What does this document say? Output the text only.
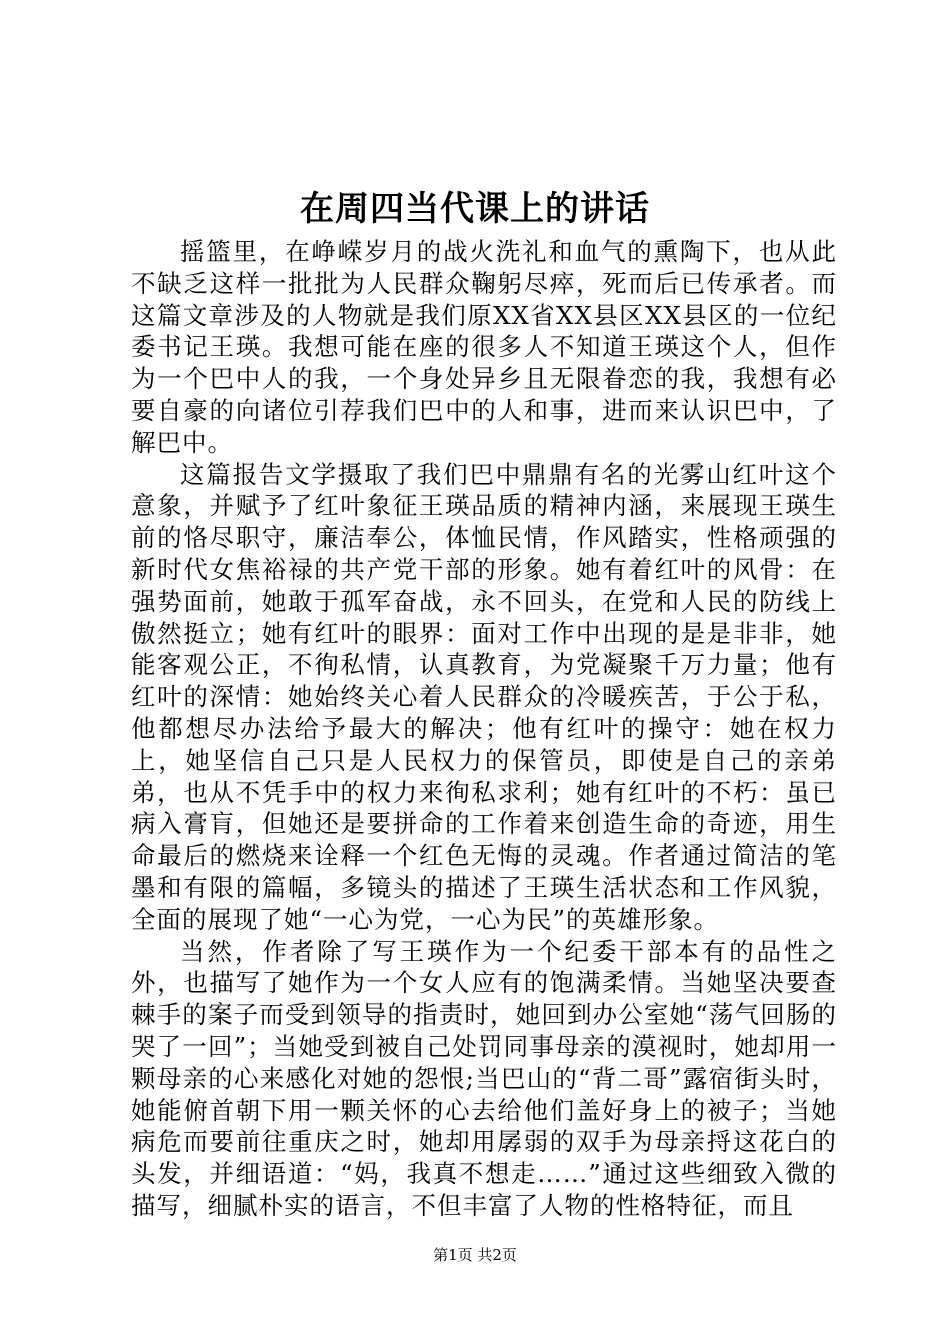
在周四当代课上的讲话

摇篮里，在峥嵘岁月的战火洗礼和血气的熏陶下，也从此不缺乏这样一批批为人民群众鞠躬尽瘁，死而后已传承者。而这篇文章涉及的人物就是我们原XX省XX县区XX县区的一位纪委书记王瑛。我想可能在座的很多人不知道王瑛这个人，但作为一个巴中人的我，一个身处异乡且无限眷恋的我，我想有必要自豪的向诸位引荐我们巴中的人和事，进而来认识巴中，了解巴中。

这篇报告文学摄取了我们巴中鼎鼎有名的光雾山红叶这个意象，并赋予了红叶象征王瑛品质的精神内涵，来展现王瑛生前的恪尽职守，廉洁奉公，体恤民情，作风踏实，性格顽强的新时代女焦裕禄的共产党干部的形象。她有着红叶的风骨：在强势面前，她敢于孤军奋战，永不回头，在党和人民的防线上傲然挺立；她有红叶的眼界：面对工作中出现的是是非非，她能客观公正，不徇私情，认真教育，为党凝聚千万力量；他有红叶的深情：她始终关心着人民群众的冷暖疾苦，于公于私，他都想尽办法给予最大的解决；他有红叶的操守：她在权力上，她坚信自己只是人民权力的保管员，即使是自己的亲弟弟，也从不凭手中的权力来徇私求利；她有红叶的不朽：虽已病入膏肓，但她还是要拼命的工作着来创造生命的奇迹，用生命最后的燃烧来诠释一个红色无悔的灵魂。作者通过简洁的笔墨和有限的篇幅，多镜头的描述了王瑛生活状态和工作风貌，全面的展现了她“一心为党，一心为民”的英雄形象。

当然，作者除了写王瑛作为一个纪委干部本有的品性之外，也描写了她作为一个女人应有的饱满柔情。当她坚决要查棘手的案子而受到领导的指责时，她回到办公室她“荡气回肠的哭了一回”；当她受到被自己处罚同事母亲的漠视时，她却用一颗母亲的心来感化对她的怨恨;当巴山的“背二哥”露宿街头时，她能俯首朝下用一颗关怀的心去给他们盖好身上的被子；当她病危而要前往重庆之时，她却用孱弱的双手为母亲捋这花白的头发，并细语道：“妈，我真不想走……”通过这些细致入微的描写，细腻朴实的语言，不但丰富了人物的性格特征，而且

第1页 共2页
